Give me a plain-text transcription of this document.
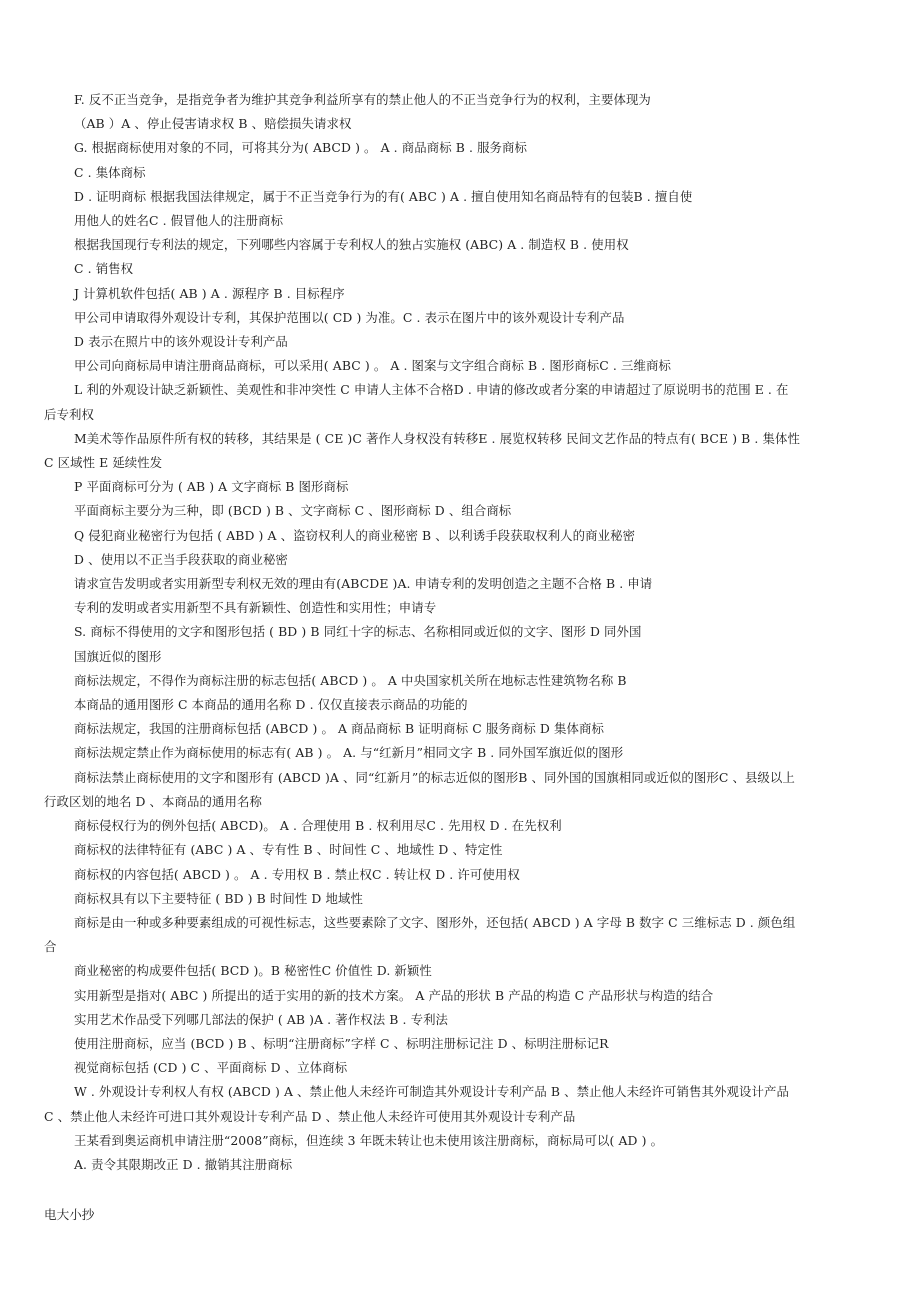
F. 反不正当竞争，是指竞争者为维护其竞争利益所享有的禁止他人的不正当竞争行为的权利，主要体现为
（AB ）A 、停止侵害请求权 B 、赔偿损失请求权
G. 根据商标使用对象的不同，可将其分为( ABCD ) 。 A . 商品商标 B . 服务商标
C . 集体商标
D . 证明商标 根据我国法律规定，属于不正当竞争行为的有( ABC ) A . 擅自使用知名商品特有的包装B . 擅自使
用他人的姓名C . 假冒他人的注册商标
根据我国现行专利法的规定，下列哪些内容属于专利权人的独占实施权 (ABC) A . 制造权 B . 使用权
C . 销售权
J 计算机软件包括( AB ) A . 源程序 B . 目标程序
甲公司申请取得外观设计专利，其保护范围以( CD ) 为准。C . 表示在图片中的该外观设计专利产品
D 表示在照片中的该外观设计专利产品
甲公司向商标局申请注册商品商标，可以采用( ABC ) 。 A . 图案与文字组合商标 B . 图形商标C . 三维商标
L 利的外观设计缺乏新颖性、美观性和非冲突性 C 申请人主体不合格D . 申请的修改或者分案的申请超过了原说明书的范围 E . 在
后专利权
M美术等作品原件所有权的转移，其结果是 ( CE )C 著作人身权没有转移E . 展览权转移 民间文艺作品的特点有( BCE ) B . 集体性
C 区域性 E 延续性发
P 平面商标可分为 ( AB ) A 文字商标 B 图形商标
平面商标主要分为三种，即 (BCD ) B 、文字商标 C 、图形商标 D 、组合商标
Q 侵犯商业秘密行为包括 ( ABD ) A 、盗窃权利人的商业秘密 B 、以利诱手段获取权利人的商业秘密
D 、使用以不正当手段获取的商业秘密
请求宣告发明或者实用新型专利权无效的理由有(ABCDE )A. 申请专利的发明创造之主题不合格 B . 申请
专利的发明或者实用新型不具有新颖性、创造性和实用性；申请专
S. 商标不得使用的文字和图形包括 ( BD ) B 同红十字的标志、名称相同或近似的文字、图形 D 同外国
国旗近似的图形
商标法规定，不得作为商标注册的标志包括( ABCD ) 。 A 中央国家机关所在地标志性建筑物名称 B
本商品的通用图形 C 本商品的通用名称 D . 仅仅直接表示商品的功能的
商标法规定，我国的注册商标包括 (ABCD ) 。 A 商品商标 B 证明商标 C 服务商标 D 集体商标
商标法规定禁止作为商标使用的标志有( AB ) 。 A. 与“红新月”相同文字 B . 同外国军旗近似的图形
商标法禁止商标使用的文字和图形有 (ABCD )A 、同“红新月”的标志近似的图形B 、同外国的国旗相同或近似的图形C 、县级以上
行政区划的地名 D 、本商品的通用名称
商标侵权行为的例外包括( ABCD)。 A . 合理使用 B . 权利用尽C . 先用权 D . 在先权利
商标权的法律特征有 (ABC ) A 、专有性 B 、时间性 C 、地域性 D 、特定性
商标权的内容包括( ABCD ) 。 A . 专用权 B . 禁止权C . 转让权 D . 许可使用权
商标权具有以下主要特征 ( BD ) B 时间性 D 地域性
商标是由一种或多种要素组成的可视性标志，这些要素除了文字、图形外，还包括( ABCD ) A 字母 B 数字 C 三维标志 D . 颜色组
合
商业秘密的构成要件包括( BCD )。B 秘密性C 价值性 D. 新颖性
实用新型是指对( ABC ) 所提出的适于实用的新的技术方案。 A 产品的形状 B 产品的构造 C 产品形状与构造的结合
实用艺术作品受下列哪几部法的保护 ( AB )A . 著作权法 B . 专利法
使用注册商标，应当 (BCD ) B 、标明“注册商标”字样 C 、标明注册标记注 D 、标明注册标记R
视觉商标包括 (CD ) C 、平面商标 D 、立体商标
W . 外观设计专利权人有权 (ABCD ) A 、禁止他人未经许可制造其外观设计专利产品 B 、禁止他人未经许可销售其外观设计产品
C 、禁止他人未经许可进口其外观设计专利产品 D 、禁止他人未经许可使用其外观设计专利产品
王某看到奥运商机申请注册“2008”商标，但连续 3 年既未转让也未使用该注册商标，商标局可以( AD ) 。
A. 责令其限期改正 D . 撤销其注册商标
电大小抄
